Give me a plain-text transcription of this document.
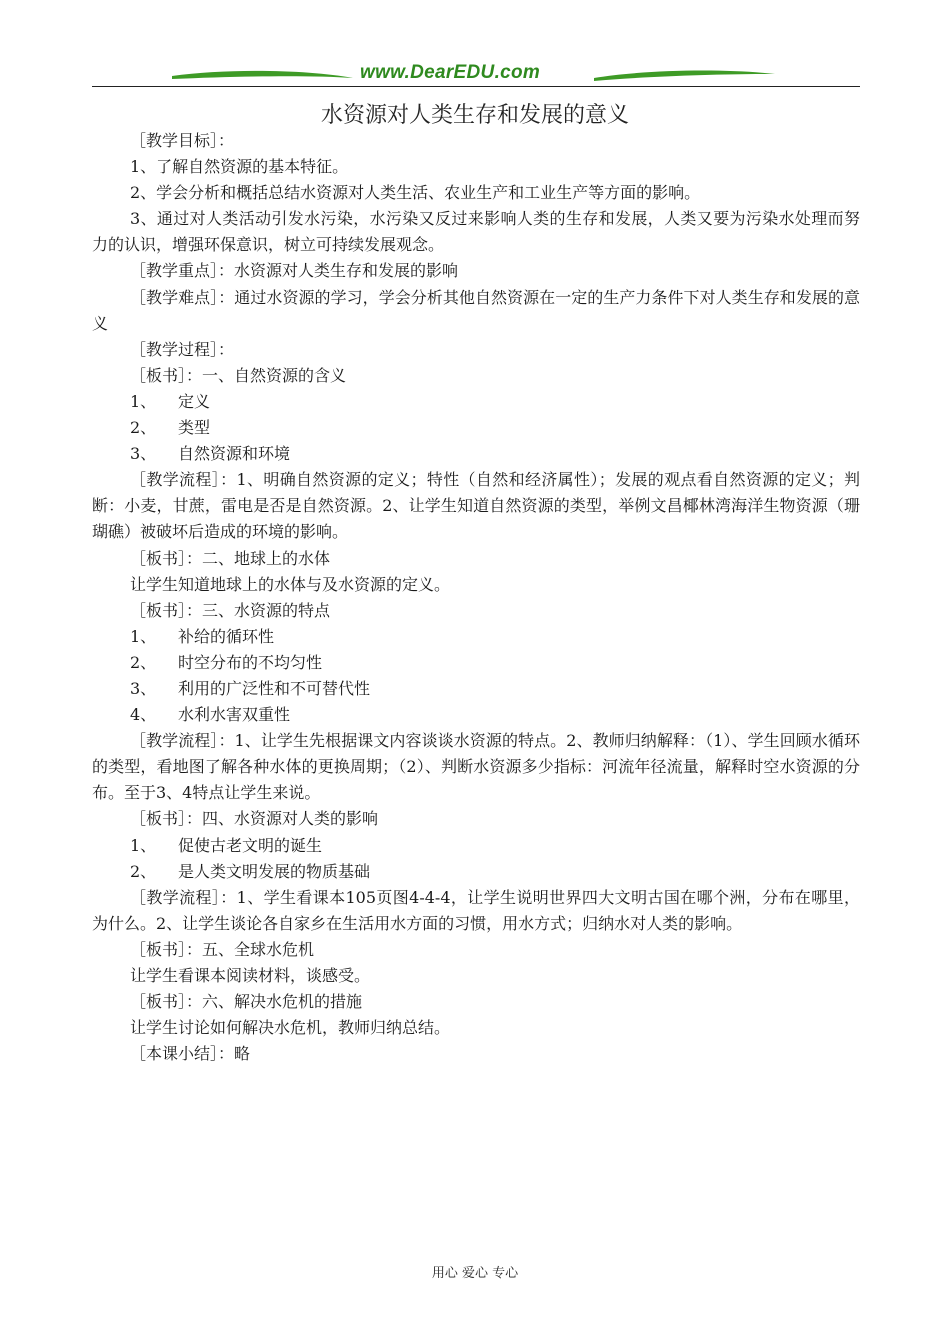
www.DearEDU.com
水资源对人类生存和发展的意义

［教学目标］：

1、了解自然资源的基本特征。

2、学会分析和概括总结水资源对人类生活、农业生产和工业生产等方面的影响。

3、通过对人类活动引发水污染，水污染又反过来影响人类的生存和发展，人类又要为污染水处理而努力的认识，增强环保意识，树立可持续发展观念。

［教学重点］：水资源对人类生存和发展的影响

［教学难点］：通过水资源的学习，学会分析其他自然资源在一定的生产力条件下对人类生存和发展的意义

［教学过程］：

［板书］：一、自然资源的含义

1、 定义

2、 类型

3、 自然资源和环境

［教学流程］：1、明确自然资源的定义；特性（自然和经济属性）；发展的观点看自然资源的定义；判断：小麦，甘蔗，雷电是否是自然资源。2、让学生知道自然资源的类型，举例文昌椰林湾海洋生物资源（珊瑚礁）被破坏后造成的环境的影响。

［板书］：二、地球上的水体

让学生知道地球上的水体与及水资源的定义。

［板书］：三、水资源的特点

1、 补给的循环性

2、 时空分布的不均匀性

3、 利用的广泛性和不可替代性

4、 水利水害双重性

［教学流程］：1、让学生先根据课文内容谈谈水资源的特点。2、教师归纳解释：（1）、学生回顾水循环的类型，看地图了解各种水体的更换周期；（2）、判断水资源多少指标：河流年径流量，解释时空水资源的分布。至于3、4特点让学生来说。

［板书］：四、水资源对人类的影响

1、 促使古老文明的诞生

2、 是人类文明发展的物质基础

［教学流程］：1、学生看课本105页图4-4-4，让学生说明世界四大文明古国在哪个洲，分布在哪里，为什么。2、让学生谈论各自家乡在生活用水方面的习惯，用水方式；归纳水对人类的影响。

［板书］：五、全球水危机

让学生看课本阅读材料，谈感受。

［板书］：六、解决水危机的措施

让学生讨论如何解决水危机，教师归纳总结。

［本课小结］：略

用心 爱心 专心
